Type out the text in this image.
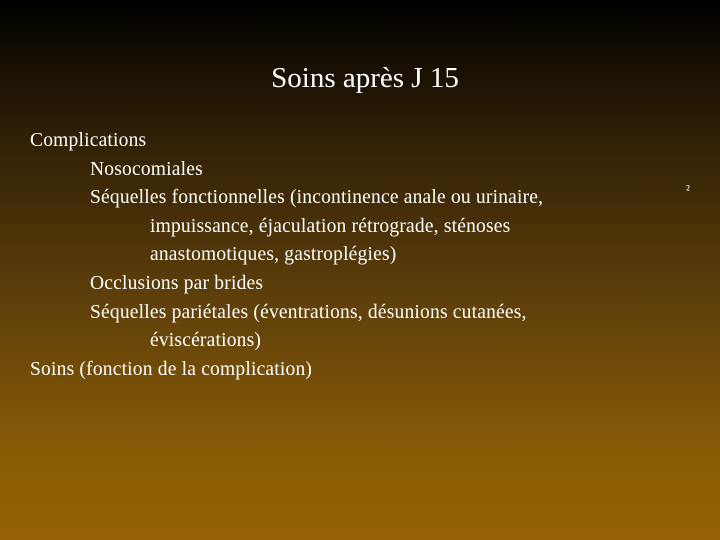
Soins après J 15
Complications
Nosocomiales
Séquelles fonctionnelles (incontinence anale ou urinaire,
impuissance, éjaculation rétrograde, sténoses
anastomotiques, gastroplégies)
Occlusions par brides
Séquelles pariétales (éventrations, désunions cutanées,
éviscérations)
Soins (fonction de la complication)
²
